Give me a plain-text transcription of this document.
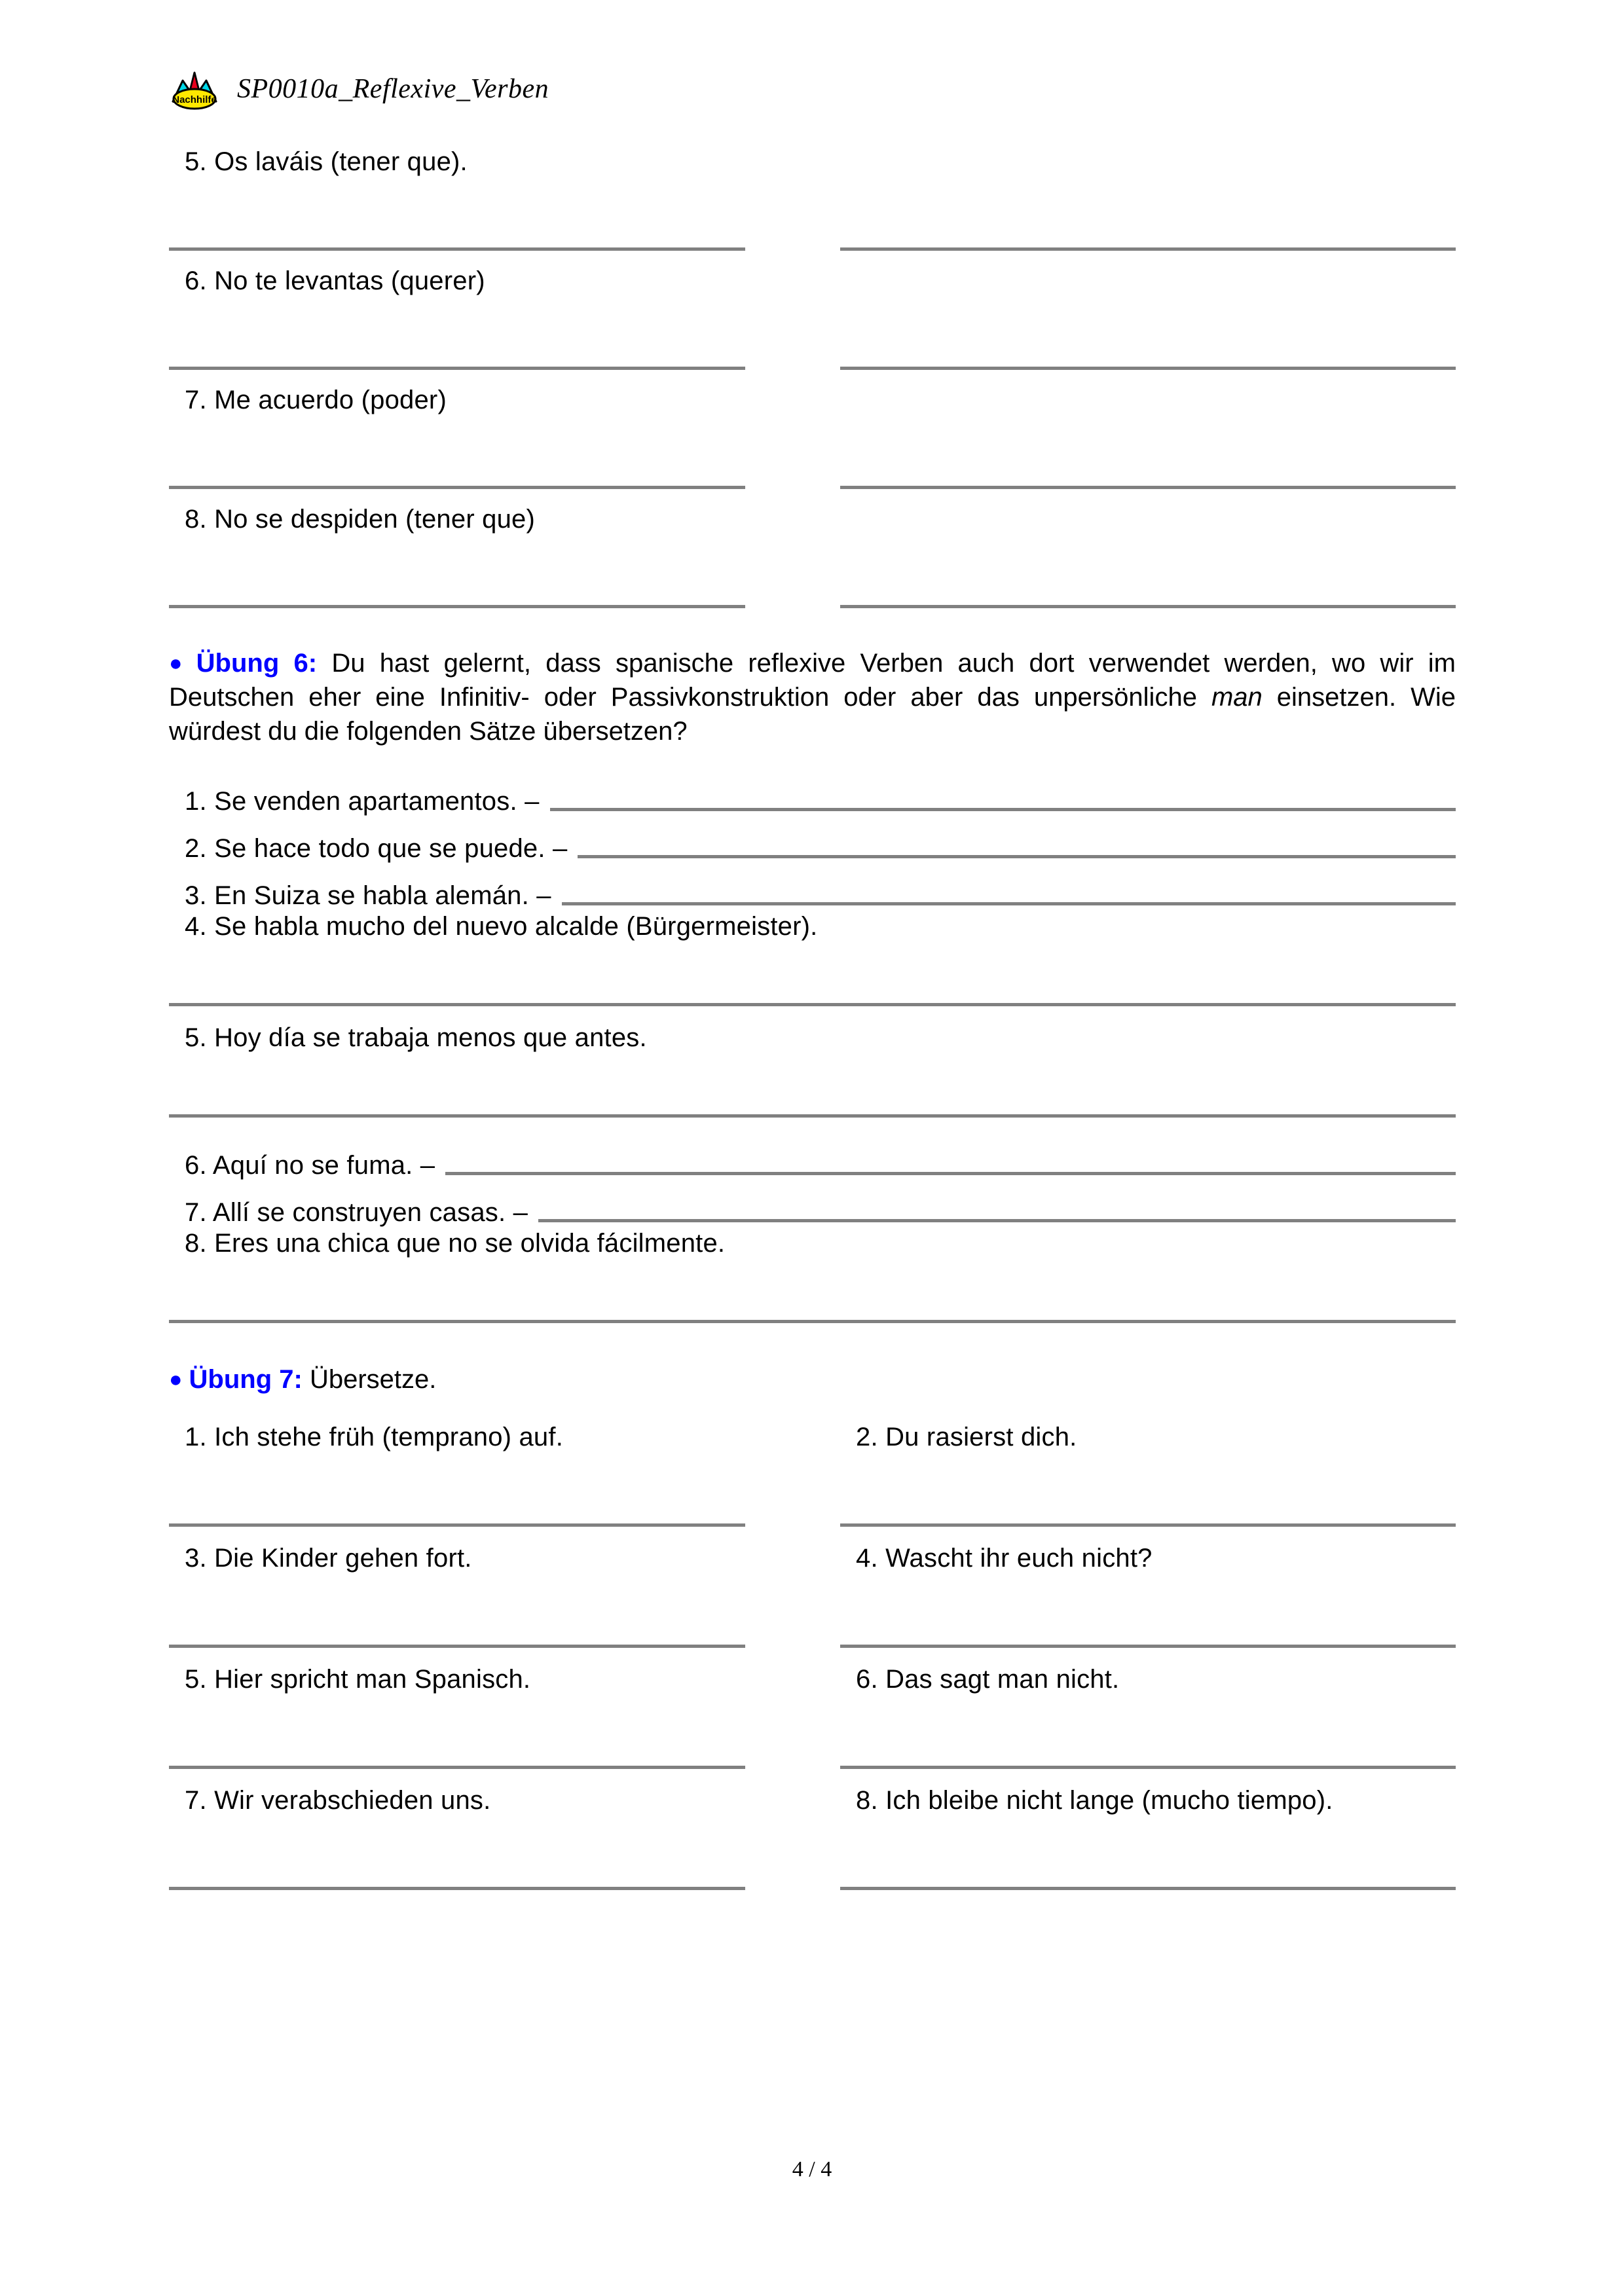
Nachhilfe SP0010a_Reflexive_Verben
5. Os laváis (tener que).
6. No te levantas (querer)
7. Me acuerdo (poder)
8. No se despiden (tener que)
● Übung 6: Du hast gelernt, dass spanische reflexive Verben auch dort verwendet werden, wo wir im Deutschen eher eine Infinitiv- oder Passivkonstruktion oder aber das unpersönliche man einsetzen. Wie würdest du die folgenden Sätze übersetzen?
1. Se venden apartamentos. –
2. Se hace todo que se puede. –
3. En Suiza se habla alemán. –
4. Se habla mucho del nuevo alcalde (Bürgermeister).
5. Hoy día se trabaja menos que antes.
6. Aquí no se fuma. –
7. Allí se construyen casas. –
8. Eres una chica que no se olvida fácilmente.
● Übung 7: Übersetze.
1. Ich stehe früh (temprano) auf.	2. Du rasierst dich.
3. Die Kinder gehen fort.	4. Wascht ihr euch nicht?
5. Hier spricht man Spanisch.	6. Das sagt man nicht.
7. Wir verabschieden uns.	8. Ich bleibe nicht lange (mucho tiempo).
4 / 4
